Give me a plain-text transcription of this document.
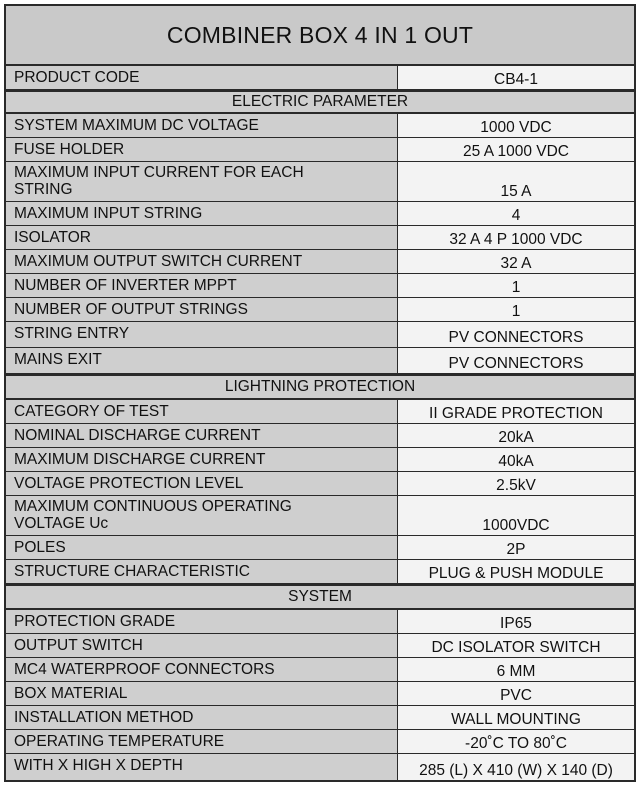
COMBINER BOX 4 IN 1 OUT
PRODUCT CODE	CB4-1
ELECTRIC PARAMETER
SYSTEM MAXIMUM DC VOLTAGE	1000 VDC
FUSE HOLDER	25 A 1000 VDC
MAXIMUM INPUT CURRENT FOR EACH
STRING	15 A
MAXIMUM INPUT STRING	4
ISOLATOR	32 A 4 P 1000 VDC
MAXIMUM OUTPUT SWITCH CURRENT	32 A
NUMBER OF INVERTER MPPT	1
NUMBER OF OUTPUT STRINGS	1
STRING ENTRY	PV CONNECTORS
MAINS EXIT	PV CONNECTORS
LIGHTNING PROTECTION
CATEGORY OF TEST	II GRADE PROTECTION
NOMINAL DISCHARGE CURRENT	20kA
MAXIMUM DISCHARGE CURRENT	40kA
VOLTAGE PROTECTION LEVEL	2.5kV
MAXIMUM CONTINUOUS OPERATING
VOLTAGE Uc	1000VDC
POLES	2P
STRUCTURE CHARACTERISTIC	PLUG & PUSH MODULE
SYSTEM
PROTECTION GRADE	IP65
OUTPUT SWITCH	DC ISOLATOR SWITCH
MC4 WATERPROOF CONNECTORS	6 MM
BOX MATERIAL	PVC
INSTALLATION METHOD	WALL MOUNTING
OPERATING TEMPERATURE	-20˚C TO 80˚C
WITH X HIGH X DEPTH	285 (L) X 410 (W) X 140 (D)
